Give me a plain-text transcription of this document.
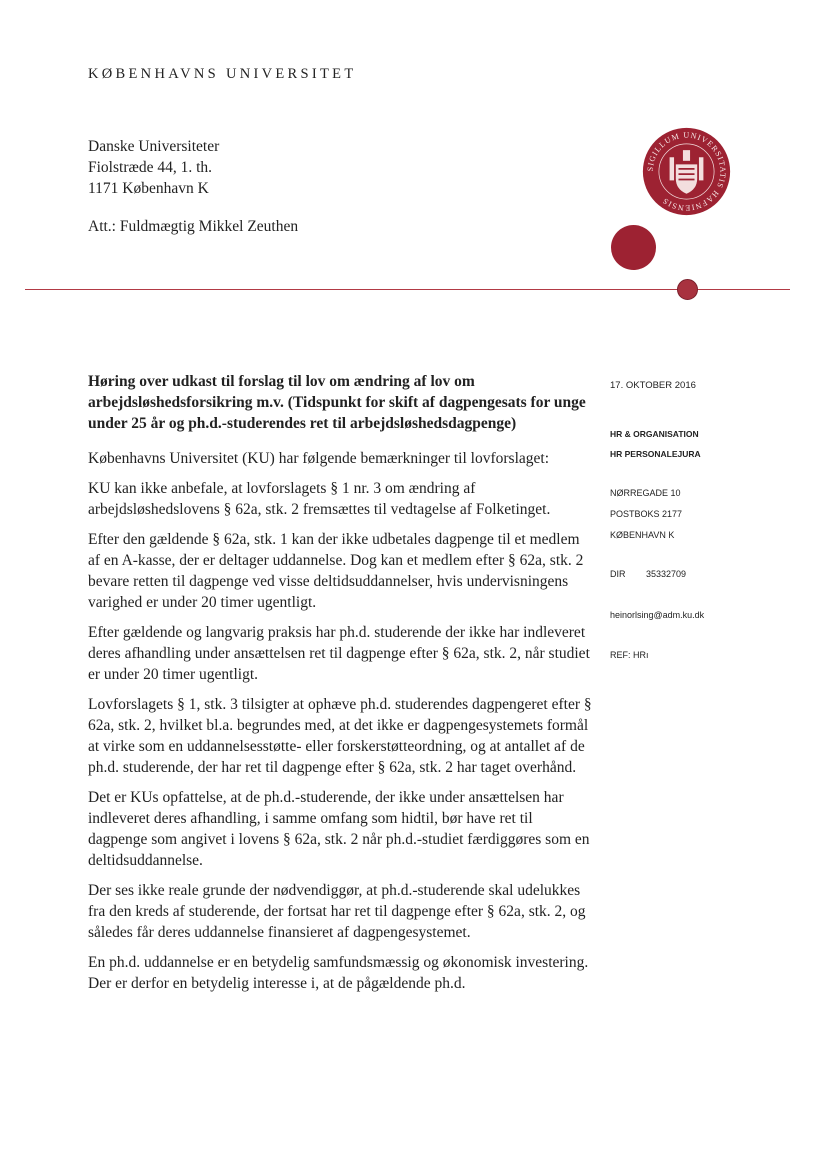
KØBENHAVNS UNIVERSITET
Danske Universiteter
Fiolstræde 44, 1. th.
1171 København K
Att.: Fuldmægtig Mikkel Zeuthen
SIGILLUM UNIVERSITATIS HAFNIENSIS
17. OKTOBER 2016
HR & ORGANISATION
HR PERSONALEJURA
NØRREGADE 10
POSTBOKS 2177
KØBENHAVN K
DIR 35332709
heinorlsing@adm.ku.dk
REF: HRı
Høring over udkast til forslag til lov om ændring af lov om arbejdsløshedsforsikring m.v. (Tidspunkt for skift af dagpengesats for unge under 25 år og ph.d.-studerendes ret til arbejdsløshedsdagpenge)

Københavns Universitet (KU) har følgende bemærkninger til lovforslaget:

KU kan ikke anbefale, at lovforslagets § 1 nr. 3 om ændring af arbejdsløshedslovens § 62a, stk. 2 fremsættes til vedtagelse af Folketinget.

Efter den gældende § 62a, stk. 1 kan der ikke udbetales dagpenge til et medlem af en A-kasse, der er deltager uddannelse. Dog kan et medlem efter § 62a, stk. 2 bevare retten til dagpenge ved visse deltidsuddannelser, hvis undervisningens varighed er under 20 timer ugentligt.

Efter gældende og langvarig praksis har ph.d. studerende der ikke har indleveret deres afhandling under ansættelsen ret til dagpenge efter § 62a, stk. 2, når studiet er under 20 timer ugentligt.

Lovforslagets § 1, stk. 3 tilsigter at ophæve ph.d. studerendes dagpengeret efter § 62a, stk. 2, hvilket bl.a. begrundes med, at det ikke er dagpengesystemets formål at virke som en uddannelsesstøtte- eller forskerstøtteordning, og at antallet af de ph.d. studerende, der har ret til dagpenge efter § 62a, stk. 2 har taget overhånd.

Det er KUs opfattelse, at de ph.d.-studerende, der ikke under ansættelsen har indleveret deres afhandling, i samme omfang som hidtil, bør have ret til dagpenge som angivet i lovens § 62a, stk. 2 når ph.d.-studiet færdiggøres som en deltidsuddannelse.

Der ses ikke reale grunde der nødvendiggør, at ph.d.-studerende skal udelukkes fra den kreds af studerende, der fortsat har ret til dagpenge efter § 62a, stk. 2, og således får deres uddannelse finansieret af dagpengesystemet.

En ph.d. uddannelse er en betydelig samfundsmæssig og økonomisk investering. Der er derfor en betydelig interesse i, at de pågældende ph.d.
